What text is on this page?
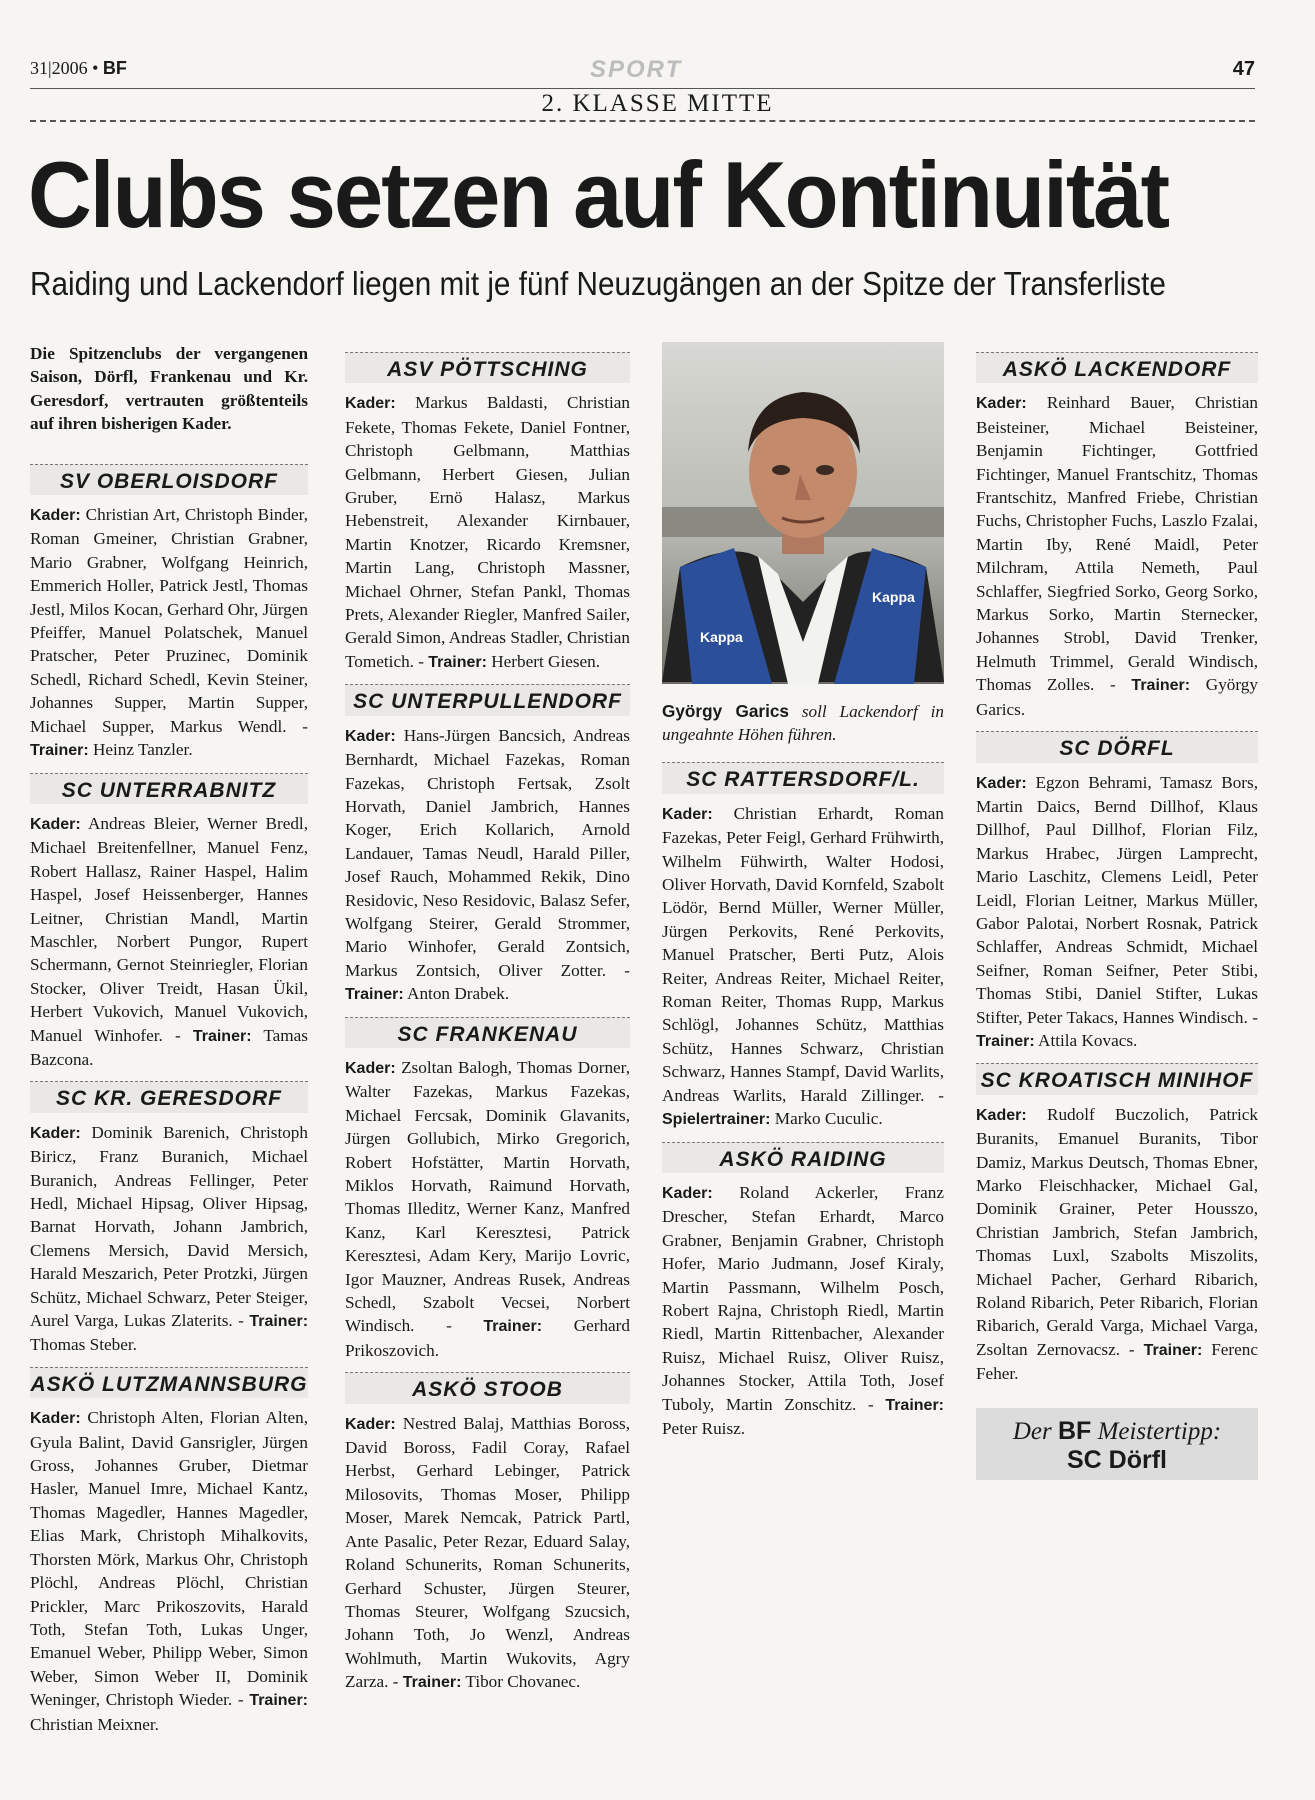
31|2006 • BF	SPORT	47
2. KLASSE MITTE
Clubs setzen auf Kontinuität
Raiding und Lackendorf liegen mit je fünf Neuzugängen an der Spitze der Transferliste

Die Spitzenclubs der vergangenen Saison, Dörfl, Frankenau und Kr. Geresdorf, vertrauten größtenteils auf ihren bisherigen Kader.

SV OBERLOISDORF

Kader: Christian Art, Christoph Binder, Roman Gmeiner, Christian Grabner, Mario Grabner, Wolfgang Heinrich, Emmerich Holler, Patrick Jestl, Thomas Jestl, Milos Kocan, Gerhard Ohr, Jürgen Pfeiffer, Manuel Polatschek, Manuel Pratscher, Peter Pruzinec, Dominik Schedl, Richard Schedl, Kevin Steiner, Johannes Supper, Martin Supper, Michael Supper, Markus Wendl. - Trainer: Heinz Tanzler.

SC UNTERRABNITZ

Kader: Andreas Bleier, Werner Bredl, Michael Breitenfellner, Manuel Fenz, Robert Hallasz, Rainer Haspel, Halim Haspel, Josef Heissenberger, Hannes Leitner, Christian Mandl, Martin Maschler, Norbert Pungor, Rupert Schermann, Gernot Steinriegler, Florian Stocker, Oliver Treidt, Hasan Ükil, Herbert Vukovich, Manuel Vukovich, Manuel Winhofer. - Trainer: Tamas Bazcona.

SC KR. GERESDORF

Kader: Dominik Barenich, Christoph Biricz, Franz Buranich, Michael Buranich, Andreas Fellinger, Peter Hedl, Michael Hipsag, Oliver Hipsag, Barnat Horvath, Johann Jambrich, Clemens Mersich, David Mersich, Harald Meszarich, Peter Protzki, Jürgen Schütz, Michael Schwarz, Peter Steiger, Aurel Varga, Lukas Zlaterits. - Trainer: Thomas Steber.

ASKÖ LUTZMANNSBURG

Kader: Christoph Alten, Florian Alten, Gyula Balint, David Gansrigler, Jürgen Gross, Johannes Gruber, Dietmar Hasler, Manuel Imre, Michael Kantz, Thomas Magedler, Hannes Magedler, Elias Mark, Christoph Mihalkovits, Thorsten Mörk, Markus Ohr, Christoph Plöchl, Andreas Plöchl, Christian Prickler, Marc Prikoszovits, Harald Toth, Stefan Toth, Lukas Unger, Emanuel Weber, Philipp Weber, Simon Weber, Simon Weber II, Dominik Weninger, Christoph Wieder. - Trainer: Christian Meixner.

ASV PÖTTSCHING

Kader: Markus Baldasti, Christian Fekete, Thomas Fekete, Daniel Fontner, Christoph Gelbmann, Matthias Gelbmann, Herbert Giesen, Julian Gruber, Ernö Halasz, Markus Hebenstreit, Alexander Kirnbauer, Martin Knotzer, Ricardo Kremsner, Martin Lang, Christoph Massner, Michael Ohrner, Stefan Pankl, Thomas Prets, Alexander Riegler, Manfred Sailer, Gerald Simon, Andreas Stadler, Christian Tometich. - Trainer: Herbert Giesen.

SC UNTERPULLENDORF

Kader: Hans-Jürgen Bancsich, Andreas Bernhardt, Michael Fazekas, Roman Fazekas, Christoph Fertsak, Zsolt Horvath, Daniel Jambrich, Hannes Koger, Erich Kollarich, Arnold Landauer, Tamas Neudl, Harald Piller, Josef Rauch, Mohammed Rekik, Dino Residovic, Neso Residovic, Balasz Sefer, Wolfgang Steirer, Gerald Strommer, Mario Winhofer, Gerald Zontsich, Markus Zontsich, Oliver Zotter. - Trainer: Anton Drabek.

SC FRANKENAU

Kader: Zsoltan Balogh, Thomas Dorner, Walter Fazekas, Markus Fazekas, Michael Fercsak, Dominik Glavanits, Jürgen Gollubich, Mirko Gregorich, Robert Hofstätter, Martin Horvath, Miklos Horvath, Raimund Horvath, Thomas Illeditz, Werner Kanz, Manfred Kanz, Karl Keresztesi, Patrick Keresztesi, Adam Kery, Marijo Lovric, Igor Mauzner, Andreas Rusek, Andreas Schedl, Szabolt Vecsei, Norbert Windisch. - Trainer: Gerhard Prikoszovich.

ASKÖ STOOB

Kader: Nestred Balaj, Matthias Boross, David Boross, Fadil Coray, Rafael Herbst, Gerhard Lebinger, Patrick Milosovits, Thomas Moser, Philipp Moser, Marek Nemcak, Patrick Partl, Ante Pasalic, Peter Rezar, Eduard Salay, Roland Schunerits, Roman Schunerits, Gerhard Schuster, Jürgen Steurer, Thomas Steurer, Wolfgang Szucsich, Johann Toth, Jo Wenzl, Andreas Wohlmuth, Martin Wukovits, Agry Zarza. - Trainer: Tibor Chovanec.

Kappa
Kappa

György Garics soll Lackendorf in ungeahnte Höhen führen.

SC RATTERSDORF/L.

Kader: Christian Erhardt, Roman Fazekas, Peter Feigl, Gerhard Frühwirth, Wilhelm Fühwirth, Walter Hodosi, Oliver Horvath, David Kornfeld, Szabolt Lödör, Bernd Müller, Werner Müller, Jürgen Perkovits, René Perkovits, Manuel Pratscher, Berti Putz, Alois Reiter, Andreas Reiter, Michael Reiter, Roman Reiter, Thomas Rupp, Markus Schlögl, Johannes Schütz, Matthias Schütz, Hannes Schwarz, Christian Schwarz, Hannes Stampf, David Warlits, Andreas Warlits, Harald Zillinger. - Spielertrainer: Marko Cuculic.

ASKÖ RAIDING

Kader: Roland Ackerler, Franz Drescher, Stefan Erhardt, Marco Grabner, Benjamin Grabner, Christoph Hofer, Mario Judmann, Josef Kiraly, Martin Passmann, Wilhelm Posch, Robert Rajna, Christoph Riedl, Martin Riedl, Martin Rittenbacher, Alexander Ruisz, Michael Ruisz, Oliver Ruisz, Johannes Stocker, Attila Toth, Josef Tuboly, Martin Zonschitz. - Trainer: Peter Ruisz.

ASKÖ LACKENDORF

Kader: Reinhard Bauer, Christian Beisteiner, Michael Beisteiner, Benjamin Fichtinger, Gottfried Fichtinger, Manuel Frantschitz, Thomas Frantschitz, Manfred Friebe, Christian Fuchs, Christopher Fuchs, Laszlo Fzalai, Martin Iby, René Maidl, Peter Milchram, Attila Nemeth, Paul Schlaffer, Siegfried Sorko, Georg Sorko, Markus Sorko, Martin Sternecker, Johannes Strobl, David Trenker, Helmuth Trimmel, Gerald Windisch, Thomas Zolles. - Trainer: György Garics.

SC DÖRFL

Kader: Egzon Behrami, Tamasz Bors, Martin Daics, Bernd Dillhof, Klaus Dillhof, Paul Dillhof, Florian Filz, Markus Hrabec, Jürgen Lamprecht, Mario Laschitz, Clemens Leidl, Peter Leidl, Florian Leitner, Markus Müller, Gabor Palotai, Norbert Rosnak, Patrick Schlaffer, Andreas Schmidt, Michael Seifner, Roman Seifner, Peter Stibi, Thomas Stibi, Daniel Stifter, Lukas Stifter, Peter Takacs, Hannes Windisch. - Trainer: Attila Kovacs.

SC KROATISCH MINIHOF

Kader: Rudolf Buczolich, Patrick Buranits, Emanuel Buranits, Tibor Damiz, Markus Deutsch, Thomas Ebner, Marko Fleischhacker, Michael Gal, Dominik Grainer, Peter Housszo, Christian Jambrich, Stefan Jambrich, Thomas Luxl, Szabolts Miszolits, Michael Pacher, Gerhard Ribarich, Roland Ribarich, Peter Ribarich, Florian Ribarich, Gerald Varga, Michael Varga, Zsoltan Zernovacsz. - Trainer: Ferenc Feher.

Der BF Meistertipp:
SC Dörfl
